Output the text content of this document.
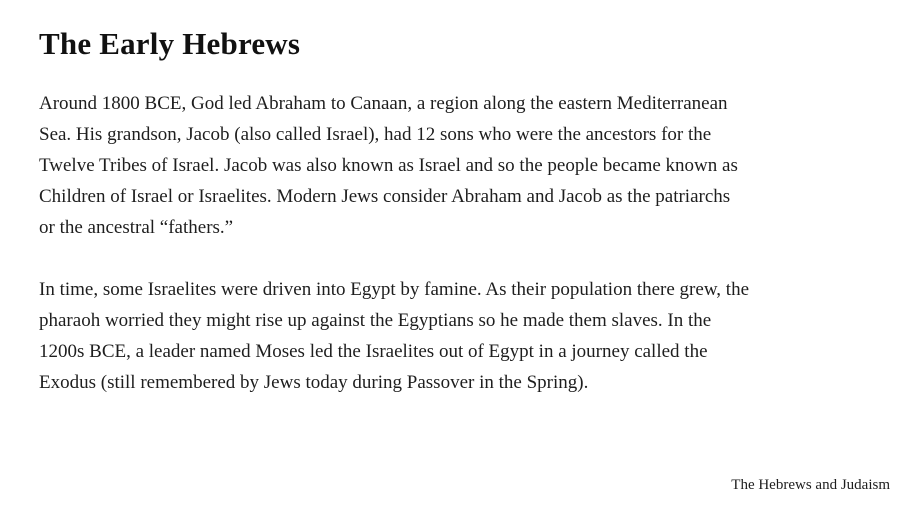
The Early Hebrews

Around 1800 BCE, God led Abraham to Canaan, a region along the eastern Mediterranean
Sea. His grandson, Jacob (also called Israel), had 12 sons who were the ancestors for the
Twelve Tribes of Israel. Jacob was also known as Israel and so the people became known as
Children of Israel or Israelites. Modern Jews consider Abraham and Jacob as the patriarchs
or the ancestral “fathers.”

In time, some Israelites were driven into Egypt by famine. As their population there grew, the
pharaoh worried they might rise up against the Egyptians so he made them slaves. In the
1200s BCE, a leader named Moses led the Israelites out of Egypt in a journey called the
Exodus (still remembered by Jews today during Passover in the Spring).

The Hebrews and Judaism
